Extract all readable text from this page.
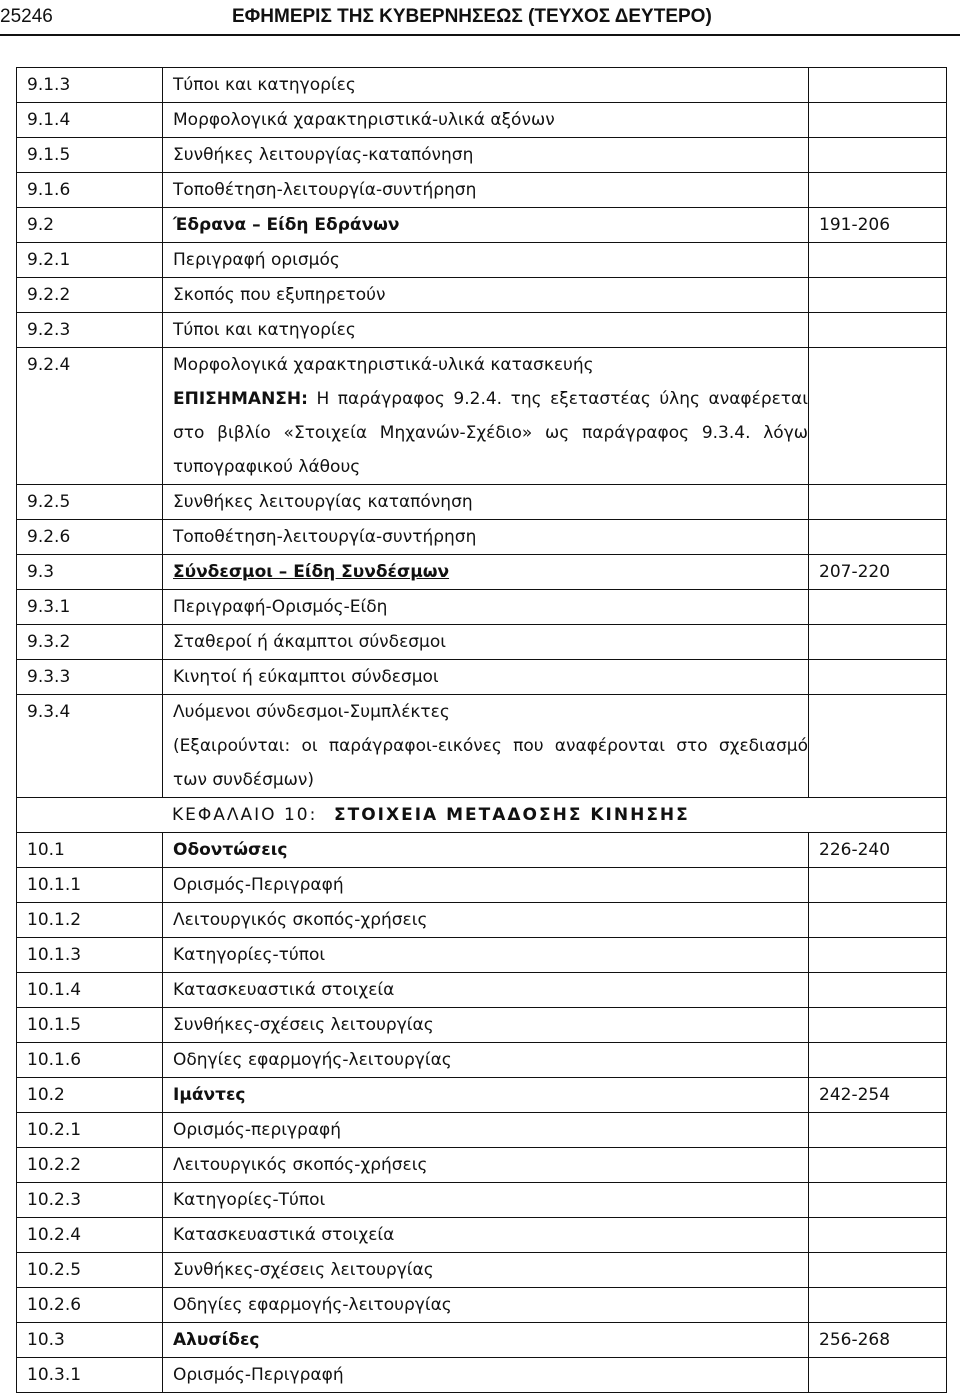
25246	ΕΦΗΜΕΡΙΣ ΤΗΣ ΚΥΒΕΡΝΗΣΕΩΣ (ΤΕΥΧΟΣ ΔΕΥΤΕΡΟ)
9.1.3	Τύποι και κατηγορίες	
9.1.4	Μορφολογικά χαρακτηριστικά-υλικά αξόνων	
9.1.5	Συνθήκες λειτουργίας-καταπόνηση	
9.1.6	Τοποθέτηση-λειτουργία-συντήρηση	
9.2	Έδρανα – Είδη Εδράνων	191-206
9.2.1	Περιγραφή ορισμός	
9.2.2	Σκοπός που εξυπηρετούν	
9.2.3	Τύποι και κατηγορίες	
9.2.4	Μορφολογικά χαρακτηριστικά-υλικά κατασκευής
ΕΠΙΣΗΜΑΝΣΗ: Η παράγραφος 9.2.4. της εξεταστέας ύλης αναφέρεται στο βιβλίο «Στοιχεία Μηχανών-Σχέδιο» ως παράγραφος 9.3.4. λόγω τυπογραφικού λάθους	

9.2.5	Συνθήκες λειτουργίας καταπόνηση	
9.2.6	Τοποθέτηση-λειτουργία-συντήρηση	
9.3	Σύνδεσμοι – Είδη Συνδέσμων	207-220
9.3.1	Περιγραφή-Ορισμός-Είδη	
9.3.2	Σταθεροί ή άκαμπτοι σύνδεσμοι	
9.3.3	Κινητοί ή εύκαμπτοι σύνδεσμοι	
9.3.4	Λυόμενοι σύνδεσμοι-Συμπλέκτες
(Εξαιρούνται: οι παράγραφοι-εικόνες που αναφέρονται στο σχεδιασμό των συνδέσμων)	

ΚΕΦΑΛΑΙΟ 10: ΣΤΟΙΧΕΙΑ ΜΕΤΑΔΟΣΗΣ ΚΙΝΗΣΗΣ		
10.1	Οδοντώσεις	226-240
10.1.1	Ορισμός-Περιγραφή	
10.1.2	Λειτουργικός σκοπός-χρήσεις	
10.1.3	Κατηγορίες-τύποι	
10.1.4	Κατασκευαστικά στοιχεία	
10.1.5	Συνθήκες-σχέσεις λειτουργίας	
10.1.6	Οδηγίες εφαρμογής-λειτουργίας	
10.2	Ιμάντες	242-254
10.2.1	Ορισμός-περιγραφή	
10.2.2	Λειτουργικός σκοπός-χρήσεις	
10.2.3	Κατηγορίες-Τύποι	
10.2.4	Κατασκευαστικά στοιχεία	
10.2.5	Συνθήκες-σχέσεις λειτουργίας	
10.2.6	Οδηγίες εφαρμογής-λειτουργίας	
10.3	Αλυσίδες	256-268
10.3.1	Ορισμός-Περιγραφή	
